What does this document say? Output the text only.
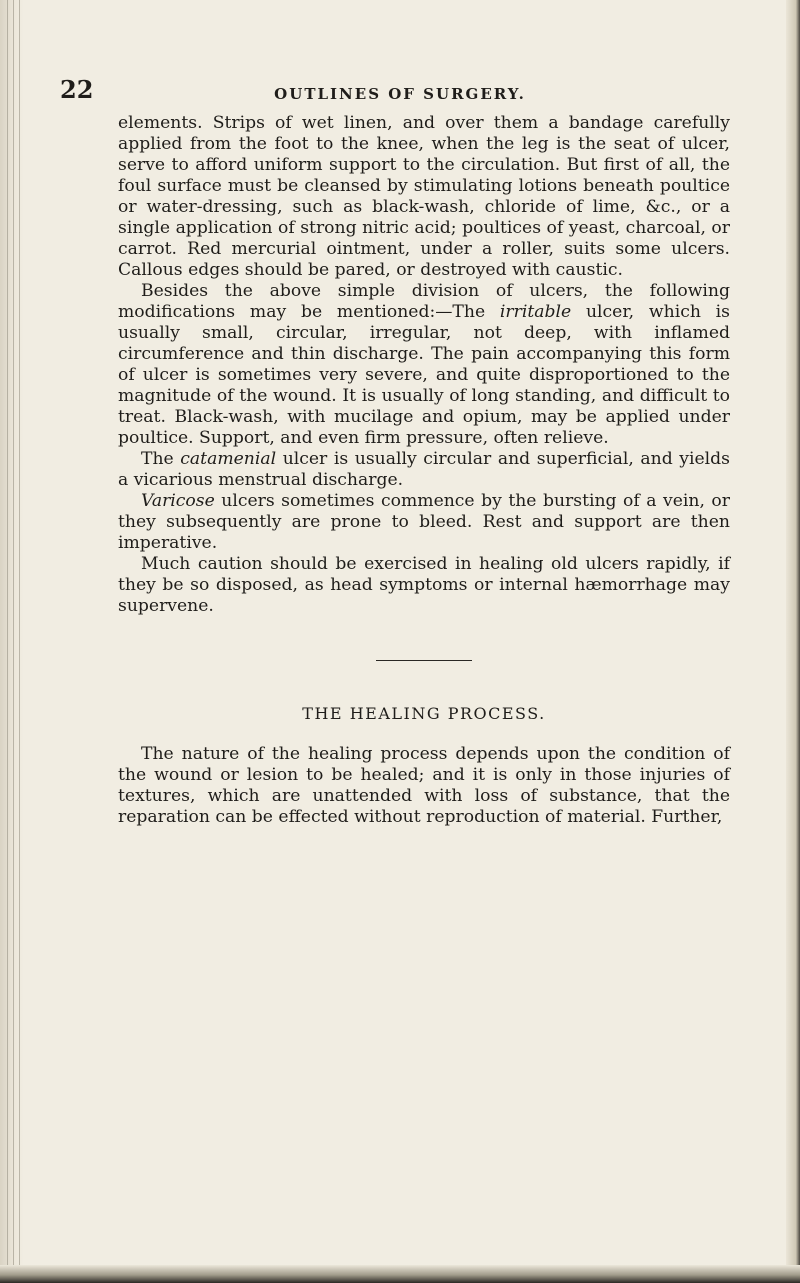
22	OUTLINES OF SURGERY.

elements. Strips of wet linen, and over them a bandage carefully applied from the foot to the knee, when the leg is the seat of ulcer, serve to afford uniform support to the circulation. But first of all, the foul surface must be cleansed by stimulating lotions beneath poultice or water-dressing, such as black-wash, chloride of lime, &c., or a single application of strong nitric acid; poultices of yeast, charcoal, or carrot. Red mercurial ointment, under a roller, suits some ulcers. Callous edges should be pared, or destroyed with caustic.

Besides the above simple division of ulcers, the following modifications may be mentioned:—The irritable ulcer, which is usually small, circular, irregular, not deep, with inflamed circumference and thin discharge. The pain accompanying this form of ulcer is sometimes very severe, and quite disproportioned to the magnitude of the wound. It is usually of long standing, and difficult to treat. Black-wash, with mucilage and opium, may be applied under poultice. Support, and even firm pressure, often relieve.

The catamenial ulcer is usually circular and superficial, and yields a vicarious menstrual discharge.

Varicose ulcers sometimes commence by the bursting of a vein, or they subsequently are prone to bleed. Rest and support are then imperative.

Much caution should be exercised in healing old ulcers rapidly, if they be so disposed, as head symptoms or internal hæmorrhage may supervene.

THE HEALING PROCESS.

The nature of the healing process depends upon the condition of the wound or lesion to be healed; and it is only in those injuries of textures, which are unattended with loss of substance, that the reparation can be effected without reproduction of material. Further,
